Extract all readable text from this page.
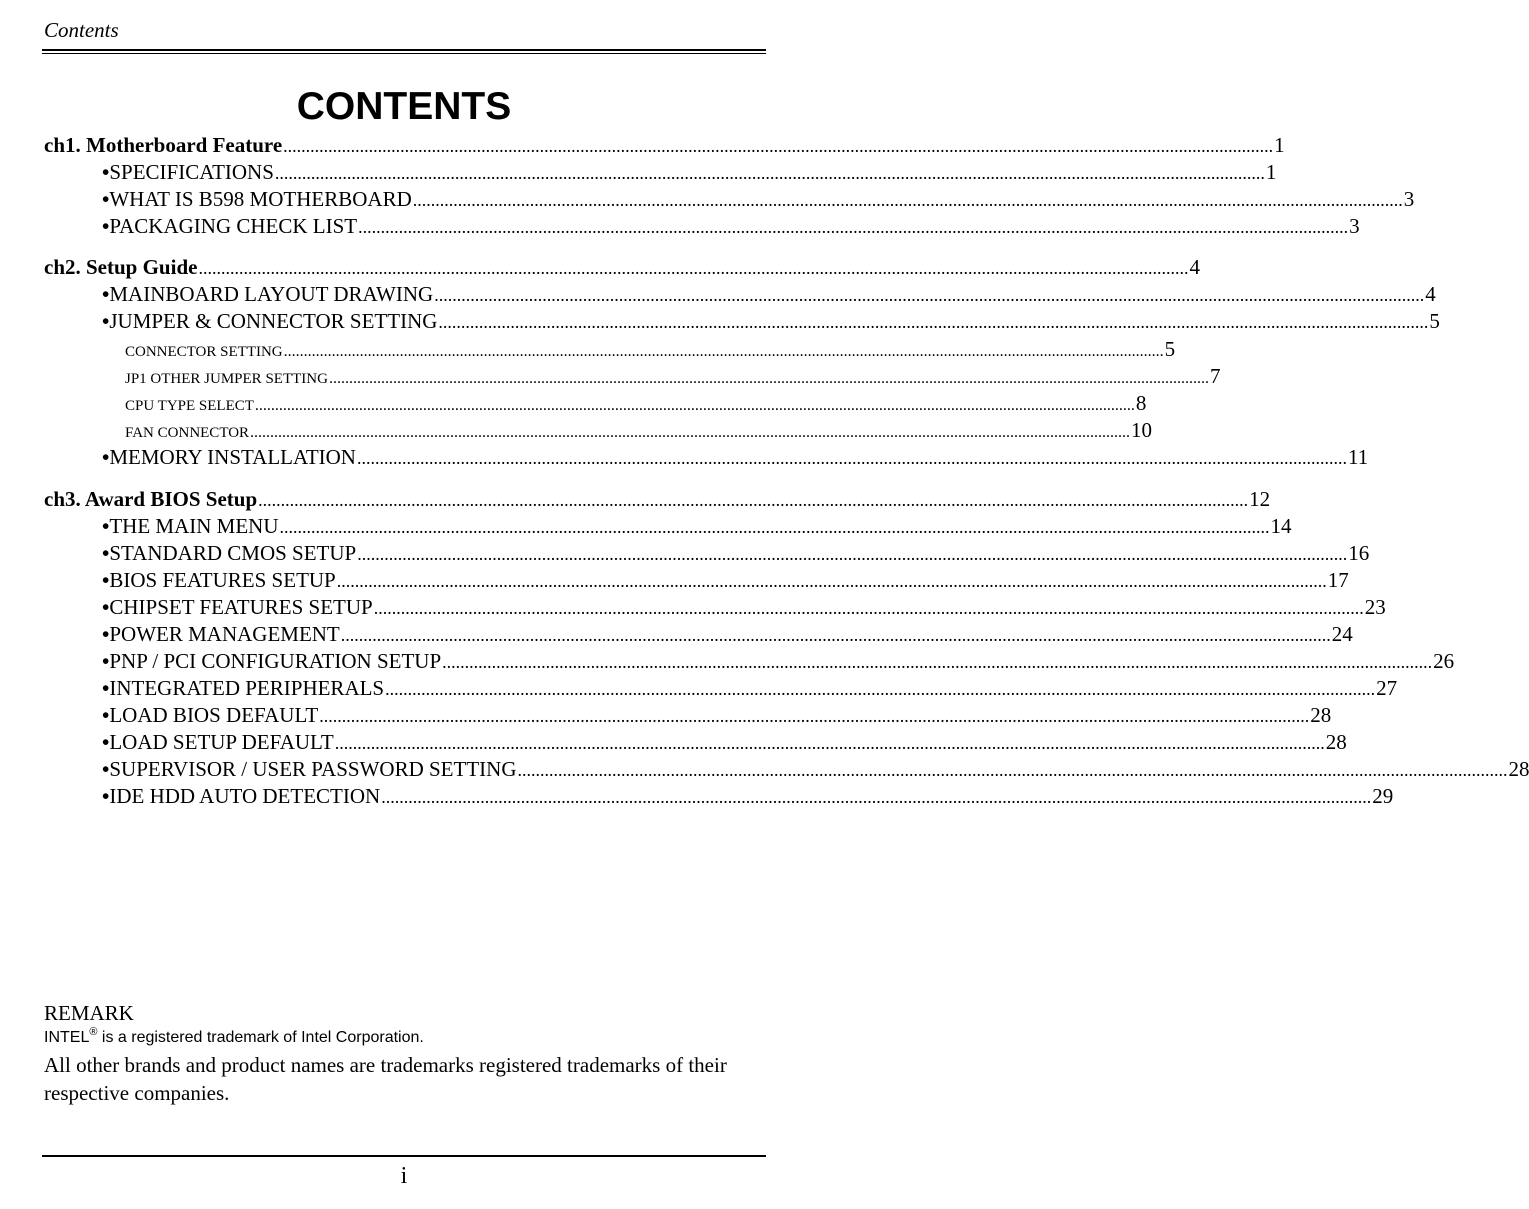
Contents
CONTENTS
ch1. Motherboard Feature ............................................................................................................................................................................................................................ 1
• SPECIFICATIONS ............................................................................................................................................................................................................................ 1
• WHAT IS B598 MOTHERBOARD ............................................................................................................................................................................................................................ 3
• PACKAGING CHECK LIST ............................................................................................................................................................................................................................ 3
ch2. Setup Guide ............................................................................................................................................................................................................................ 4
• MAINBOARD LAYOUT DRAWING ............................................................................................................................................................................................................................ 4
• JUMPER & CONNECTOR SETTING ............................................................................................................................................................................................................................ 5
CONNECTOR SETTING ............................................................................................................................................................................................................................ 5
JP1 OTHER JUMPER SETTING ............................................................................................................................................................................................................................ 7
CPU TYPE SELECT ............................................................................................................................................................................................................................ 8
FAN CONNECTOR ............................................................................................................................................................................................................................ 10
• MEMORY INSTALLATION ............................................................................................................................................................................................................................ 11
ch3. Award BIOS Setup ............................................................................................................................................................................................................................ 12
• THE MAIN MENU ............................................................................................................................................................................................................................ 14
• STANDARD CMOS SETUP ............................................................................................................................................................................................................................ 16
• BIOS FEATURES SETUP ............................................................................................................................................................................................................................ 17
• CHIPSET FEATURES SETUP ............................................................................................................................................................................................................................ 23
• POWER MANAGEMENT ............................................................................................................................................................................................................................ 24
• PNP / PCI CONFIGURATION SETUP ............................................................................................................................................................................................................................ 26
• INTEGRATED PERIPHERALS ............................................................................................................................................................................................................................ 27
• LOAD BIOS DEFAULT ............................................................................................................................................................................................................................ 28
• LOAD SETUP DEFAULT ............................................................................................................................................................................................................................ 28
• SUPERVISOR / USER PASSWORD SETTING ............................................................................................................................................................................................................................ 28
• IDE HDD AUTO DETECTION ............................................................................................................................................................................................................................ 29
REMARK
INTEL® is a registered trademark of Intel Corporation.
All other brands and product names are trademarks registered trademarks of their respective companies.
i
